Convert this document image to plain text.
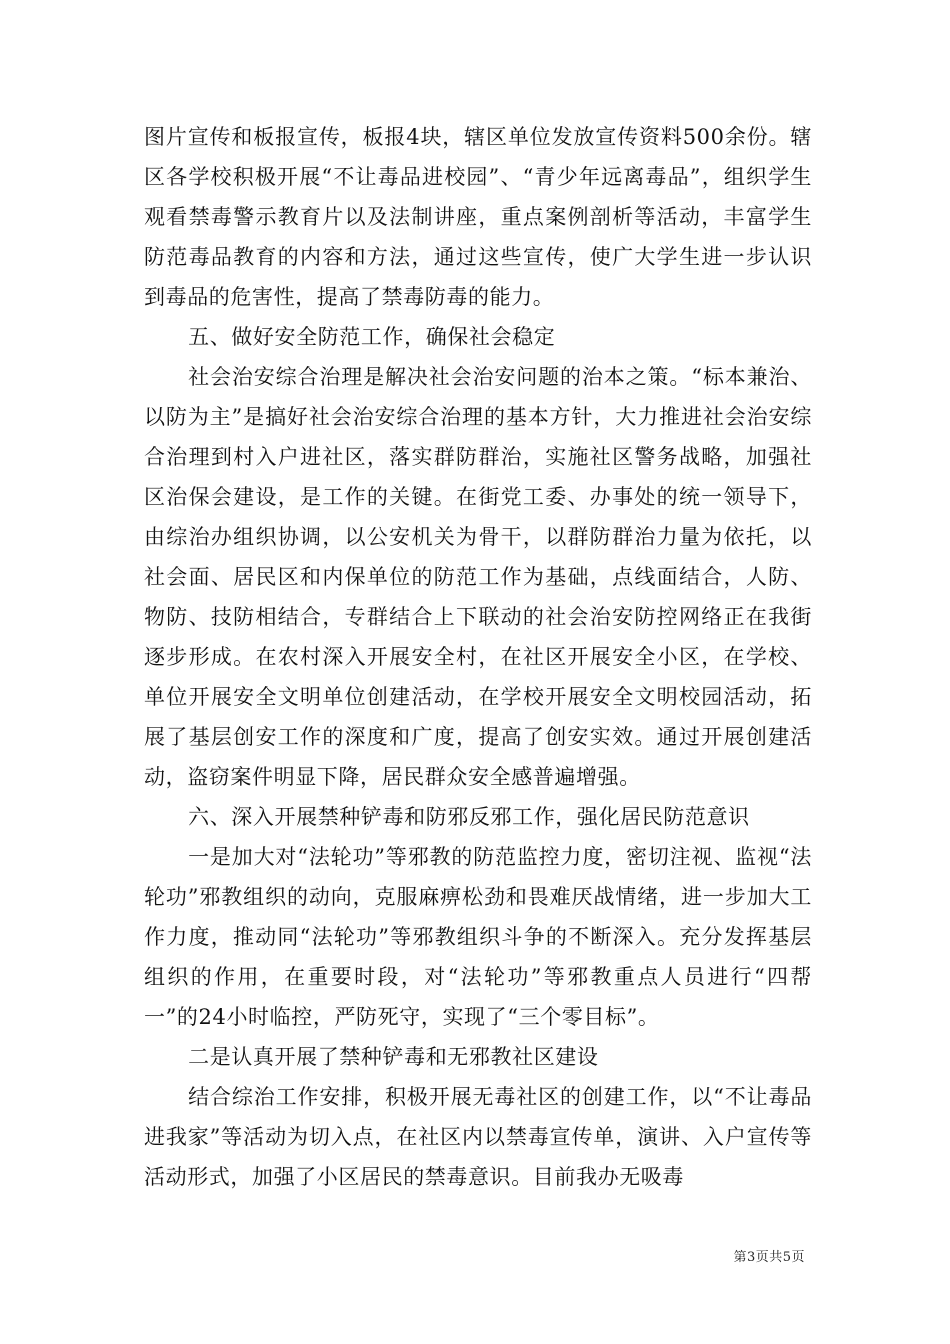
图片宣传和板报宣传，板报4块，辖区单位发放宣传资料500余份。辖区各学校积极开展“不让毒品进校园”、“青少年远离毒品”，组织学生观看禁毒警示教育片以及法制讲座，重点案例剖析等活动，丰富学生防范毒品教育的内容和方法，通过这些宣传，使广大学生进一步认识到毒品的危害性，提高了禁毒防毒的能力。

五、做好安全防范工作，确保社会稳定

社会治安综合治理是解决社会治安问题的治本之策。“标本兼治、以防为主”是搞好社会治安综合治理的基本方针，大力推进社会治安综合治理到村入户进社区，落实群防群治，实施社区警务战略，加强社区治保会建设，是工作的关键。在街党工委、办事处的统一领导下，由综治办组织协调，以公安机关为骨干，以群防群治力量为依托，以社会面、居民区和内保单位的防范工作为基础，点线面结合，人防、物防、技防相结合，专群结合上下联动的社会治安防控网络正在我街逐步形成。在农村深入开展安全村，在社区开展安全小区，在学校、单位开展安全文明单位创建活动，在学校开展安全文明校园活动，拓展了基层创安工作的深度和广度，提高了创安实效。通过开展创建活动，盗窃案件明显下降，居民群众安全感普遍增强。

六、深入开展禁种铲毒和防邪反邪工作，强化居民防范意识

一是加大对“法轮功”等邪教的防范监控力度，密切注视、监视“法轮功”邪教组织的动向，克服麻痹松劲和畏难厌战情绪，进一步加大工作力度，推动同“法轮功”等邪教组织斗争的不断深入。充分发挥基层组织的作用，在重要时段，对“法轮功”等邪教重点人员进行“四帮一”的24小时临控，严防死守，实现了“三个零目标”。

二是认真开展了禁种铲毒和无邪教社区建设

结合综治工作安排，积极开展无毒社区的创建工作，以“不让毒品进我家”等活动为切入点，在社区内以禁毒宣传单，演讲、入户宣传等活动形式，加强了小区居民的禁毒意识。目前我办无吸毒

第3页共5页
